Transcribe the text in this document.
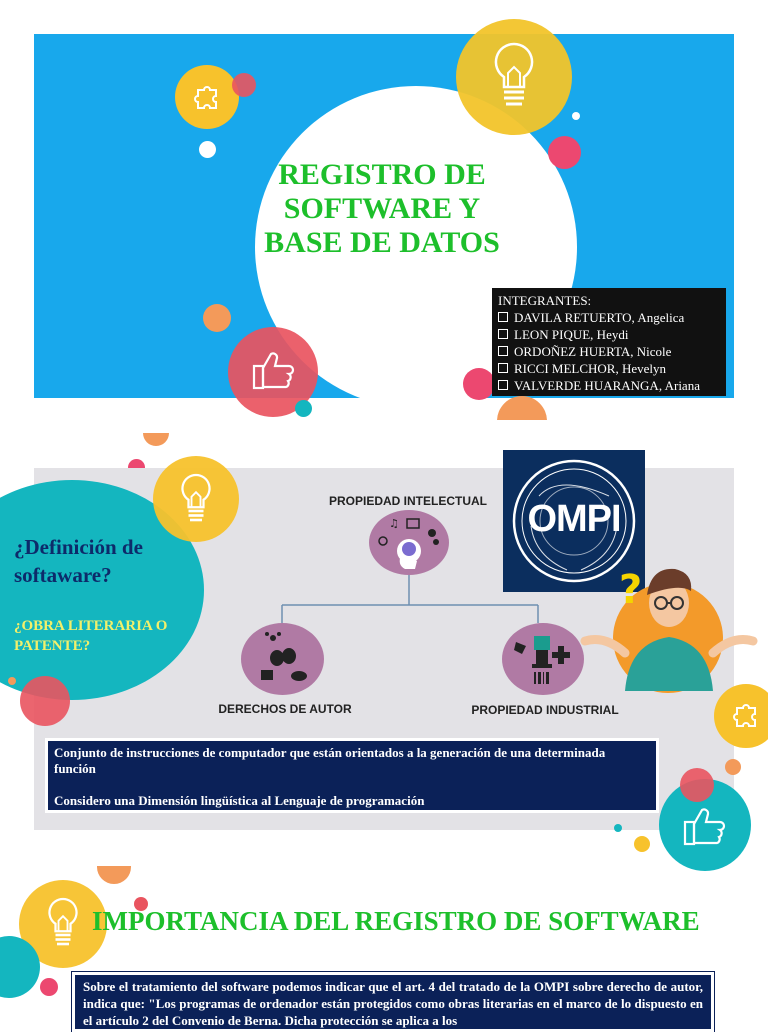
REGISTRO DE
SOFTWARE Y
BASE DE DATOS
INTEGRANTES:
DAVILA RETUERTO, Angelica
LEON PIQUE, Heydi
ORDOÑEZ HUERTA, Nicole
RICCI MELCHOR, Hevelyn
VALVERDE HUARANGA, Ariana
¿Definición de softaware?
¿OBRA LITERARIA O PATENTE?
PROPIEDAD INTELECTUAL
♫
DERECHOS DE AUTOR	PROPIEDAD INDUSTRIAL
OMPI
?

Conjunto de instrucciones de computador que están orientados a la generación de una determinada función

Considero una Dimensión lingüística al Lenguaje de programación

IMPORTANCIA DEL REGISTRO DE SOFTWARE
Sobre el tratamiento del software podemos indicar que el art. 4 del tratado de la OMPI sobre derecho de autor, indica que: "Los programas de ordenador están protegidos como obras literarias en el marco de lo dispuesto en el artículo 2 del Convenio de Berna. Dicha protección se aplica a los
